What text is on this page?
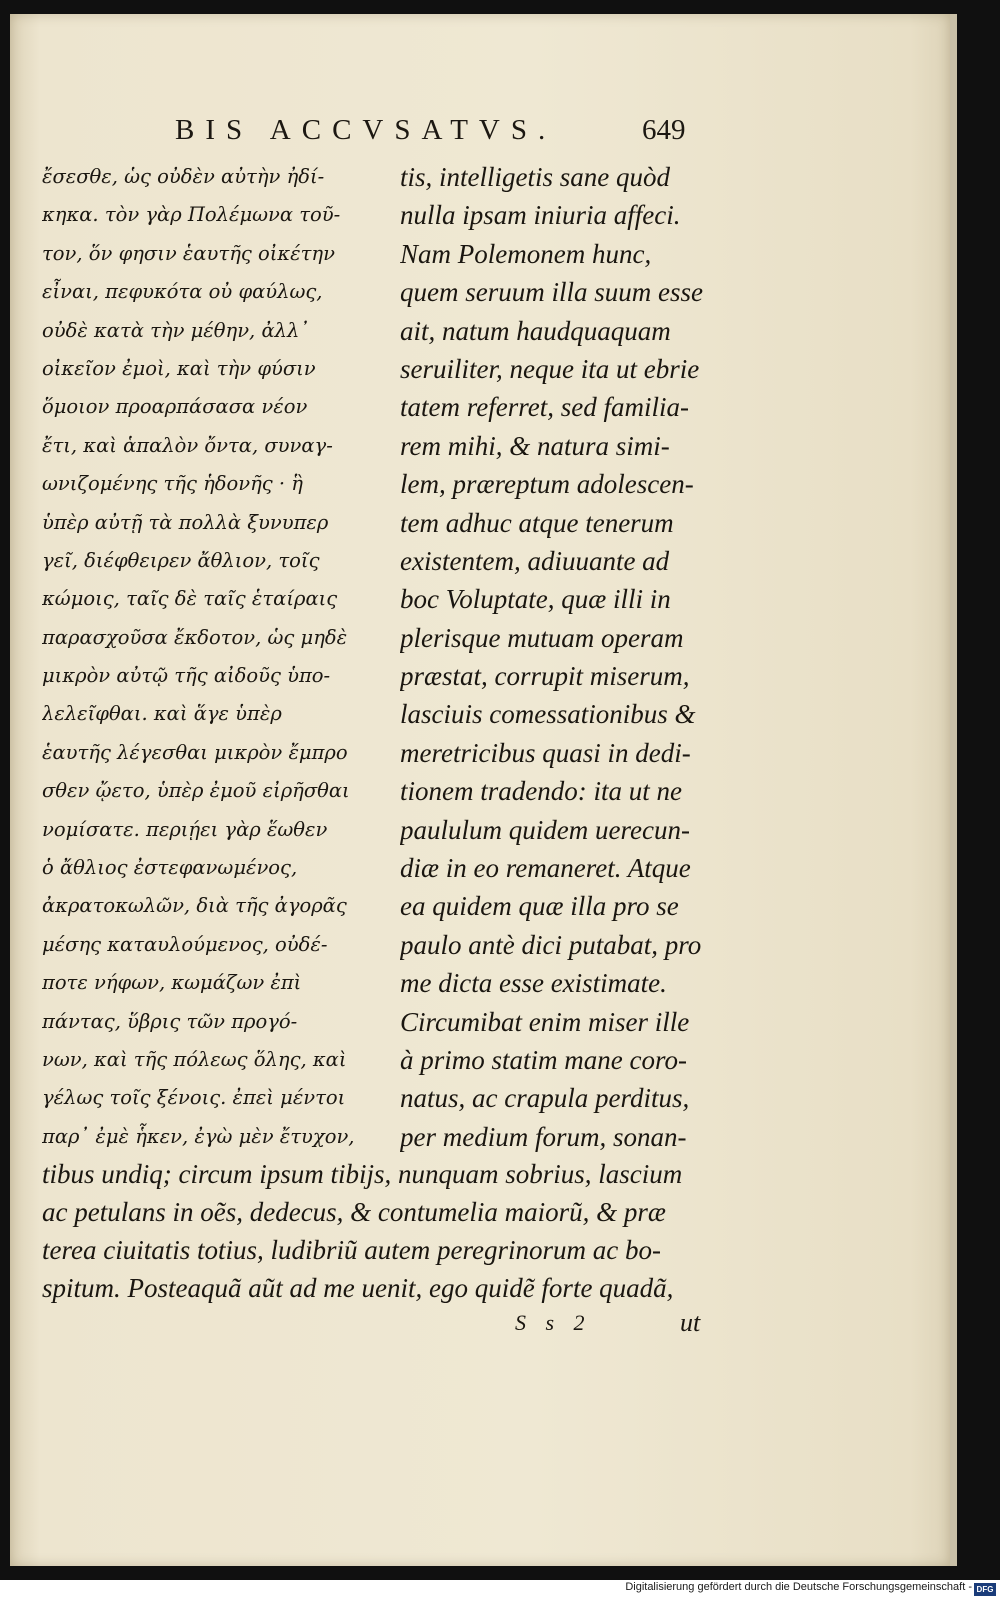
BIS ACCVSATVS.	649
ἔσεσθε, ὡς οὐδὲν αὐτὴν ἠδί-
κηκα. τὸν γὰρ Πολέμωνα τοῦ-
τον, ὅν φησιν ἑαυτῆς οἰκέτην
εἶναι, πεφυκότα οὐ φαύλως,
οὐδὲ κατὰ τὴν μέθην, ἀλλ᾽
οἰκεῖον ἐμοὶ, καὶ τὴν φύσιν
ὅμοιον προαρπάσασα νέον
ἔτι, καὶ ἁπαλὸν ὄντα, συναγ-
ωνιζομένης τῆς ἡδονῆς · ἣ
ὑπὲρ αὐτῇ τὰ πολλὰ ξυνυπερ
γεῖ, διέφθειρεν ἄθλιον, τοῖς
κώμοις, ταῖς δὲ ταῖς ἑταίραις
παρασχοῦσα ἔκδοτον, ὡς μηδὲ
μικρὸν αὐτῷ τῆς αἰδοῦς ὑπο-
λελεῖφθαι. καὶ ἅγε ὑπὲρ
ἑαυτῆς λέγεσθαι μικρὸν ἔμπρο
σθεν ᾤετο, ὑπὲρ ἐμοῦ εἰρῆσθαι
νομίσατε. περιῄει γὰρ ἕωθεν
ὁ ἄθλιος ἐστεφανωμένος,
ἀκρατοκωλῶν, διὰ τῆς ἀγορᾶς
μέσης καταυλούμενος, οὐδέ-
ποτε νήφων, κωμάζων ἐπὶ
πάντας, ὕβρις τῶν προγό-
νων, καὶ τῆς πόλεως ὅλης, καὶ
γέλως τοῖς ξένοις. ἐπεὶ μέντοι
παρ᾽ ἐμὲ ἧκεν, ἐγὼ μὲν ἔτυχον,
tis, intelligetis sane quòd
nulla ipsam iniuria affeci.
Nam Polemonem hunc,
quem seruum illa suum esse
ait, natum haudquaquam
seruiliter, neque ita ut ebrie
tatem referret, sed familia-
rem mihi, & natura simi-
lem, præreptum adolescen-
tem adhuc atque tenerum
existentem, adiuuante ad
boc Voluptate, quæ illi in
plerisque mutuam operam
præstat, corrupit miserum,
lasciuis comessationibus &
meretricibus quasi in dedi-
tionem tradendo: ita ut ne
paululum quidem uerecun-
diæ in eo remaneret. Atque
ea quidem quæ illa pro se
paulo antè dici putabat, pro
me dicta esse existimate.
Circumibat enim miser ille
à primo statim mane coro-
natus, ac crapula perditus,
per medium forum, sonan-
tibus undiq; circum ipsum tibijs, nunquam sobrius, lascium
ac petulans in oẽs, dedecus, & contumelia maiorũ, & præ
terea ciuitatis totius, ludibriũ autem peregrinorum ac bo-
spitum. Posteaquã aũt ad me uenit, ego quidẽ forte quadã,
S s 2	ut
Digitalisierung gefördert durch die Deutsche Forschungsgemeinschaft - DFG
